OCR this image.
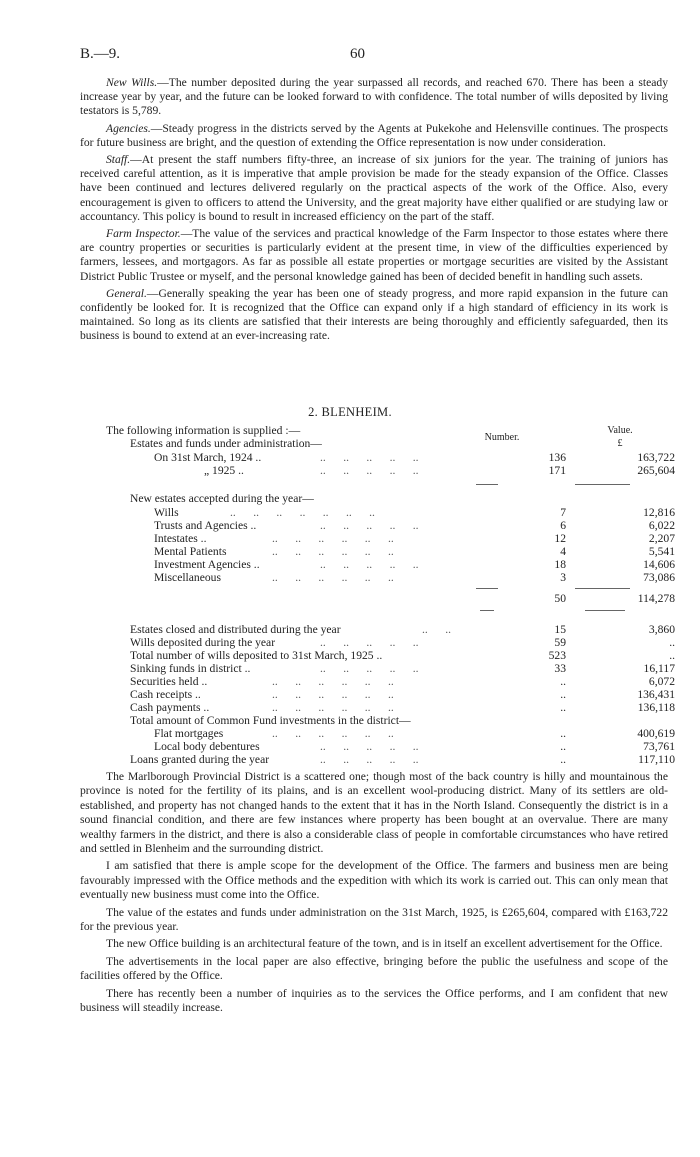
B.—9.	60

New Wills.—The number deposited during the year surpassed all records, and reached 670. There has been a steady increase year by year, and the future can be looked forward to with confidence. The total number of wills deposited by living testators is 5,789.

Agencies.—Steady progress in the districts served by the Agents at Pukekohe and Helensville continues. The prospects for future business are bright, and the question of extending the Office representation is now under consideration.

Staff.—At present the staff numbers fifty-three, an increase of six juniors for the year. The training of juniors has received careful attention, as it is imperative that ample provision be made for the steady expansion of the Office. Classes have been continued and lectures delivered regularly on the practical aspects of the work of the Office. Also, every encouragement is given to officers to attend the University, and the great majority have either qualified or are studying law or accountancy. This policy is bound to result in increased efficiency on the part of the staff.

Farm Inspector.—The value of the services and practical knowledge of the Farm Inspector to those estates where there are country properties or securities is particularly evident at the present time, in view of the difficulties experienced by farmers, lessees, and mortgagors. As far as possible all estate properties or mortgage securities are visited by the Assistant District Public Trustee or myself, and the personal knowledge gained has been of decided benefit in handling such assets.

General.—Generally speaking the year has been one of steady progress, and more rapid expansion in the future can confidently be looked for. It is recognized that the Office can expand only if a high standard of efficiency in its work is maintained. So long as its clients are satisfied that their interests are being thoroughly and efficiently safeguarded, then its business is bound to extend at an ever-increasing rate.

2. BLENHEIM.
Number.
Value.
£
The following information is supplied :—
Estates and funds under administration—
On 31st March, 1924 ..	..      ..      ..      ..      ..	136	163,722
„ 1925 ..	..      ..      ..      ..      ..	171	265,604
New estates accepted during the year—
Wills	..      ..      ..      ..      ..      ..      ..	7	12,816
Trusts and Agencies ..	..      ..      ..      ..      ..	6	6,022
Intestates ..	..      ..      ..      ..      ..      ..	12	2,207
Mental Patients	..      ..      ..      ..      ..      ..	4	5,541
Investment Agencies ..	..      ..      ..      ..      ..	18	14,606
Miscellaneous	..      ..      ..      ..      ..      ..	3	73,086
50	114,278
Estates closed and distributed during the year	..      ..	15	3,860
Wills deposited during the year	..      ..      ..      ..      ..	59	..
Total number of wills deposited to 31st March, 1925 ..	523	..
Sinking funds in district ..	..      ..      ..      ..      ..	33	16,117
Securities held ..	..      ..      ..      ..      ..      ..	..	6,072
Cash receipts ..	..      ..      ..      ..      ..      ..	..	136,431
Cash payments ..	..      ..      ..      ..      ..      ..	..	136,118
Total amount of Common Fund investments in the district—
Flat mortgages	..      ..      ..      ..      ..      ..	..	400,619
Local body debentures	..      ..      ..      ..      ..	..	73,761
Loans granted during the year	..      ..      ..      ..      ..	..	117,110

The Marlborough Provincial District is a scattered one; though most of the back country is hilly and mountainous the province is noted for the fertility of its plains, and is an excellent wool-producing district. Many of its settlers are old-established, and property has not changed hands to the extent that it has in the North Island. Consequently the district is in a sound financial condition, and there are few instances where property has been bought at an overvalue. There are many wealthy farmers in the district, and there is also a considerable class of people in comfortable circumstances who have retired and settled in Blenheim and the surrounding district.

I am satisfied that there is ample scope for the development of the Office. The farmers and business men are being favourably impressed with the Office methods and the expedition with which its work is carried out. This can only mean that eventually new business must come into the Office.

The value of the estates and funds under administration on the 31st March, 1925, is £265,604, compared with £163,722 for the previous year.

The new Office building is an architectural feature of the town, and is in itself an excellent advertisement for the Office.

The advertisements in the local paper are also effective, bringing before the public the usefulness and scope of the facilities offered by the Office.

There has recently been a number of inquiries as to the services the Office performs, and I am confident that new business will steadily increase.
